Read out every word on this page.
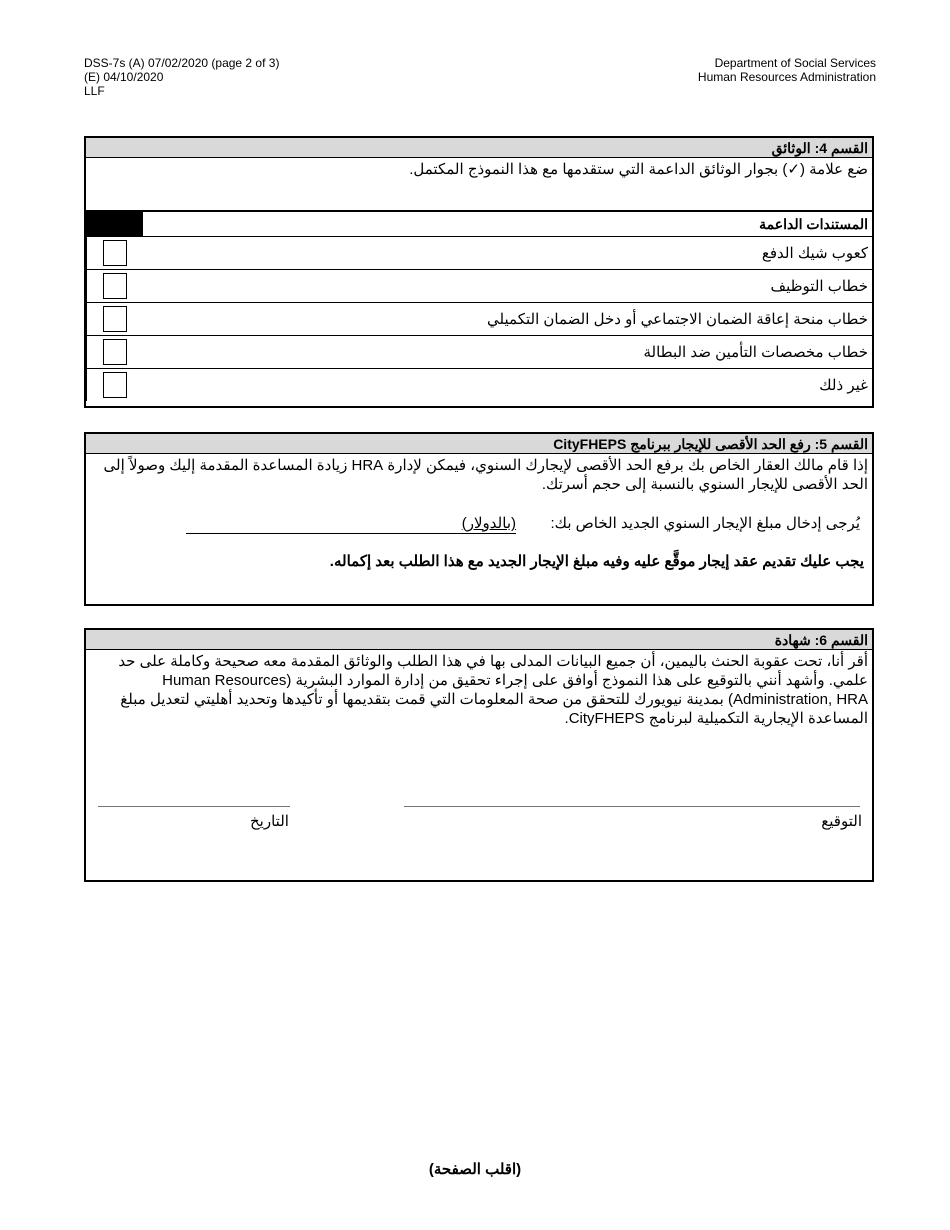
DSS-7s (A) 07/02/2020 (page 2 of 3)
(E) 04/10/2020
LLF
Department of Social Services
Human Resources Administration
القسم 4: الوثائق
ضع علامة (✓) بجوار الوثائق الداعمة التي ستقدمها مع هذا النموذج المكتمل.
المستندات الداعمة	
كعوب شيك الدفع	
خطاب التوظيف	
خطاب منحة إعاقة الضمان الاجتماعي أو دخل الضمان التكميلي	
خطاب مخصصات التأمين ضد البطالة	
غير ذلك	
القسم 5: رفع الحد الأقصى للإيجار ببرنامج CityFHEPS
إذا قام مالك العقار الخاص بك برفع الحد الأقصى لإيجارك السنوي، فيمكن لإدارة HRA زيادة المساعدة المقدمة إليك وصولاً إلى الحد الأقصى للإيجار السنوي بالنسبة إلى حجم أسرتك.
يُرجى إدخال مبلغ الإيجار السنوي الجديد الخاص بك:
(بالدولار)
يجب عليك تقديم عقد إيجار موقَّع عليه وفيه مبلغ الإيجار الجديد مع هذا الطلب بعد إكماله.
القسم 6: شهادة
أقر أنا، تحت عقوبة الحنث باليمين، أن جميع البيانات المدلى بها في هذا الطلب والوثائق المقدمة معه صحيحة وكاملة على حد علمي. وأشهد أنني بالتوقيع على هذا النموذج أوافق على إجراء تحقيق من إدارة الموارد البشرية (Human Resources Administration, HRA) بمدينة نيويورك للتحقق من صحة المعلومات التي قمت بتقديمها أو تأكيدها وتحديد أهليتي لتعديل مبلغ المساعدة الإيجارية التكميلية لبرنامج CityFHEPS.
التوقيع
التاريخ
(اقلب الصفحة)
